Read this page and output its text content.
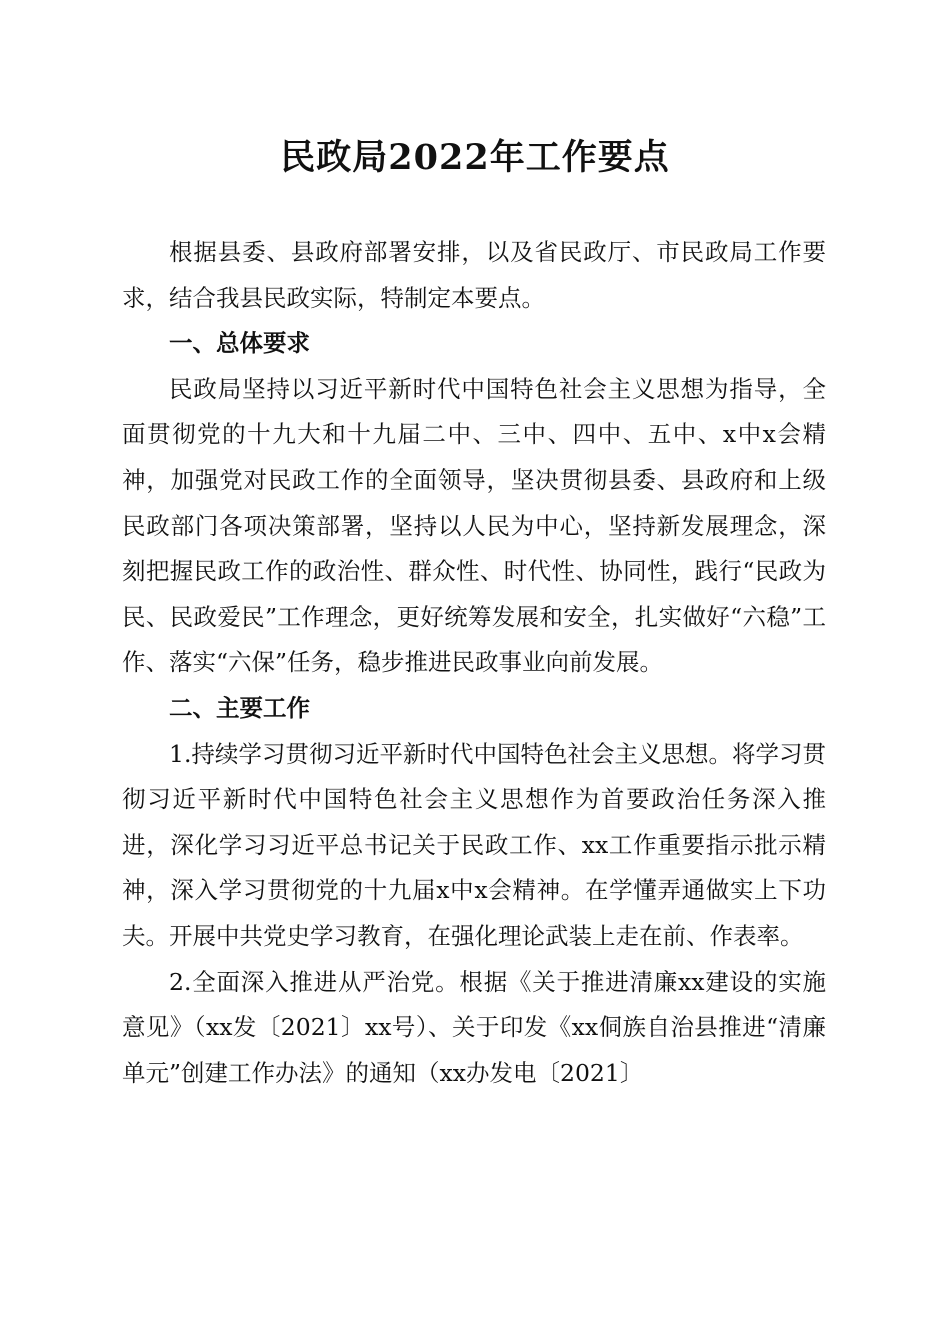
民政局2022年工作要点

根据县委、县政府部署安排，以及省民政厅、市民政局工作要求，结合我县民政实际，特制定本要点。

一、总体要求

民政局坚持以习近平新时代中国特色社会主义思想为指导，全面贯彻党的十九大和十九届二中、三中、四中、五中、x中x会精神，加强党对民政工作的全面领导，坚决贯彻县委、县政府和上级民政部门各项决策部署，坚持以人民为中心，坚持新发展理念，深刻把握民政工作的政治性、群众性、时代性、协同性，践行“民政为民、民政爱民”工作理念，更好统筹发展和安全，扎实做好“六稳”工作、落实“六保”任务，稳步推进民政事业向前发展。

二、主要工作

1.持续学习贯彻习近平新时代中国特色社会主义思想。将学习贯彻习近平新时代中国特色社会主义思想作为首要政治任务深入推进，深化学习习近平总书记关于民政工作、xx工作重要指示批示精神，深入学习贯彻党的十九届x中x会精神。在学懂弄通做实上下功夫。开展中共党史学习教育，在强化理论武装上走在前、作表率。

2.全面深入推进从严治党。根据《关于推进清廉xx建设的实施意见》（xx发〔2021〕xx号）、关于印发《xx侗族自治县推进“清廉单元”创建工作办法》的通知（xx办发电〔2021〕
